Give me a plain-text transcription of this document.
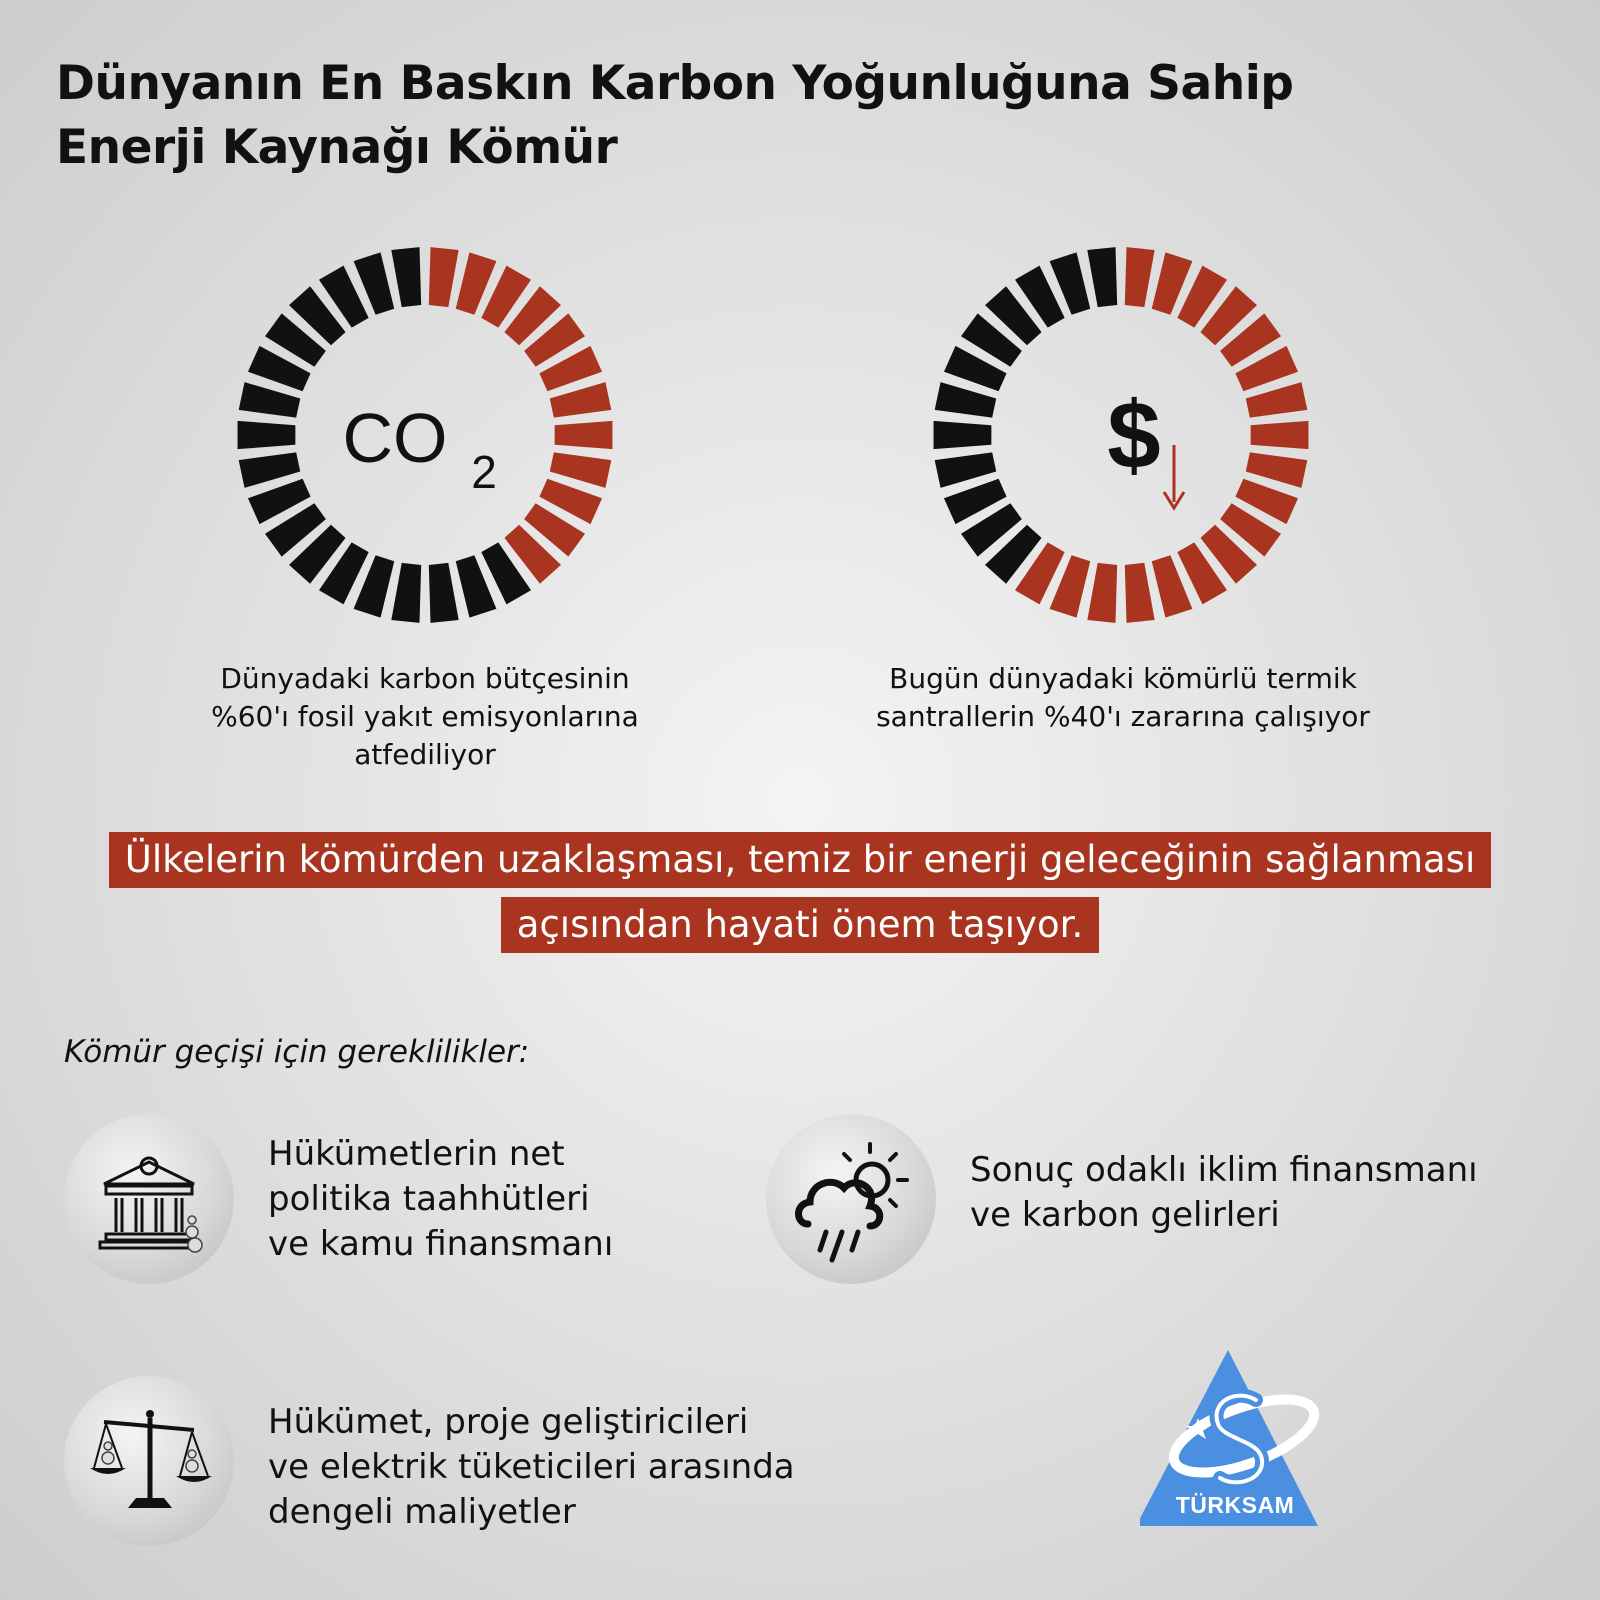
Dünyanın En Baskın Karbon Yoğunluğuna Sahip
Enerji Kaynağı Kömür
CO 2
Dünyadaki karbon bütçesinin
%60'ı fosil yakıt emisyonlarına
atfediliyor
$
Bugün dünyadaki kömürlü termik
santrallerin %40'ı zararına çalışıyor
Ülkelerin kömürden uzaklaşması, temiz bir enerji geleceğinin sağlanması
açısından hayati önem taşıyor.
Kömür geçişi için gereklilikler:
Hükümetlerin net
politika taahhütleri
ve kamu finansmanı
Sonuç odaklı iklim finansmanı
ve karbon gelirleri
Hükümet, proje geliştiricileri
ve elektrik tüketicileri arasında
dengeli maliyetler	TÜRKSAM
